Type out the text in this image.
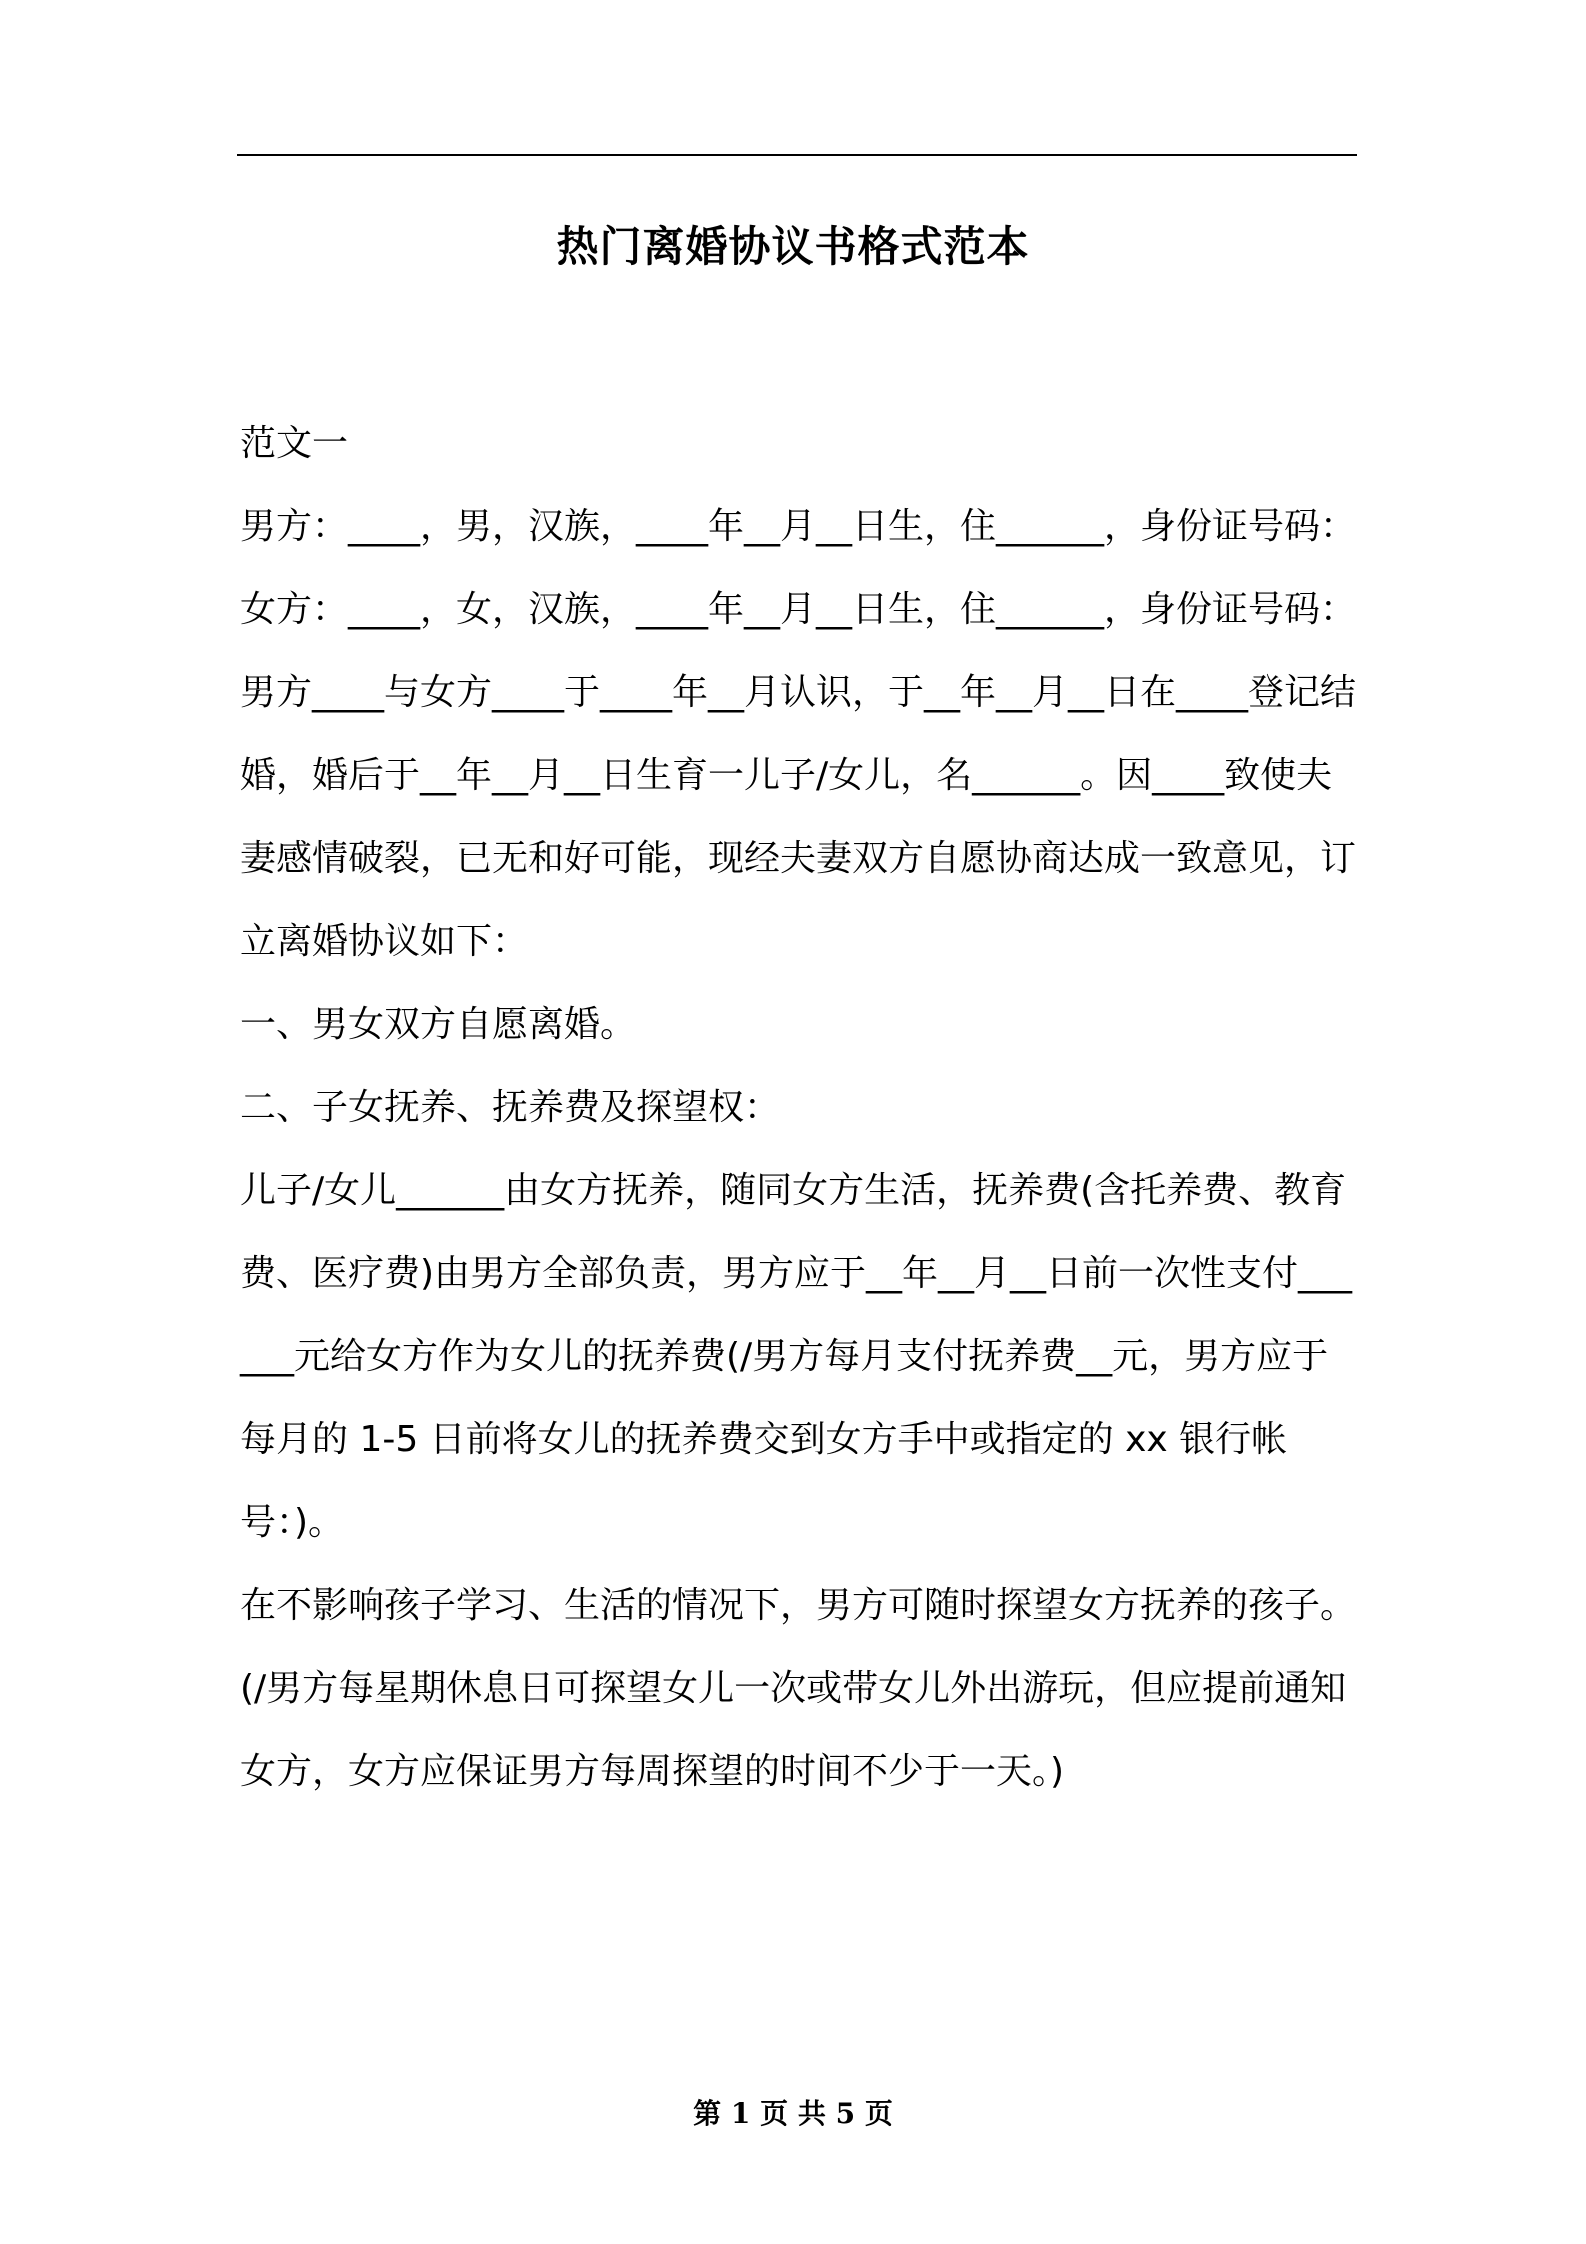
热门离婚协议书格式范本

范文一

男方：____，男，汉族，____年__月__日生，住______，身份证号码：

女方：____，女，汉族，____年__月__日生，住______，身份证号码：

男方____与女方____于____年__月认识，于__年__月__日在____登记结婚，婚后于__年__月__日生育一儿子/女儿，名______。因____致使夫妻感情破裂，已无和好可能，现经夫妻双方自愿协商达成一致意见，订立离婚协议如下：

一、男女双方自愿离婚。

二、子女抚养、抚养费及探望权：

儿子/女儿______由女方抚养，随同女方生活，抚养费(含托养费、教育费、医疗费)由男方全部负责，男方应于__年__月__日前一次性支付______元给女方作为女儿的抚养费(/男方每月支付抚养费__元，男方应于每月的 1-5 日前将女儿的抚养费交到女方手中或指定的 xx 银行帐号：)。

在不影响孩子学习、生活的情况下，男方可随时探望女方抚养的孩子。(/男方每星期休息日可探望女儿一次或带女儿外出游玩，但应提前通知女方，女方应保证男方每周探望的时间不少于一天。)

第 1 页 共 5 页
